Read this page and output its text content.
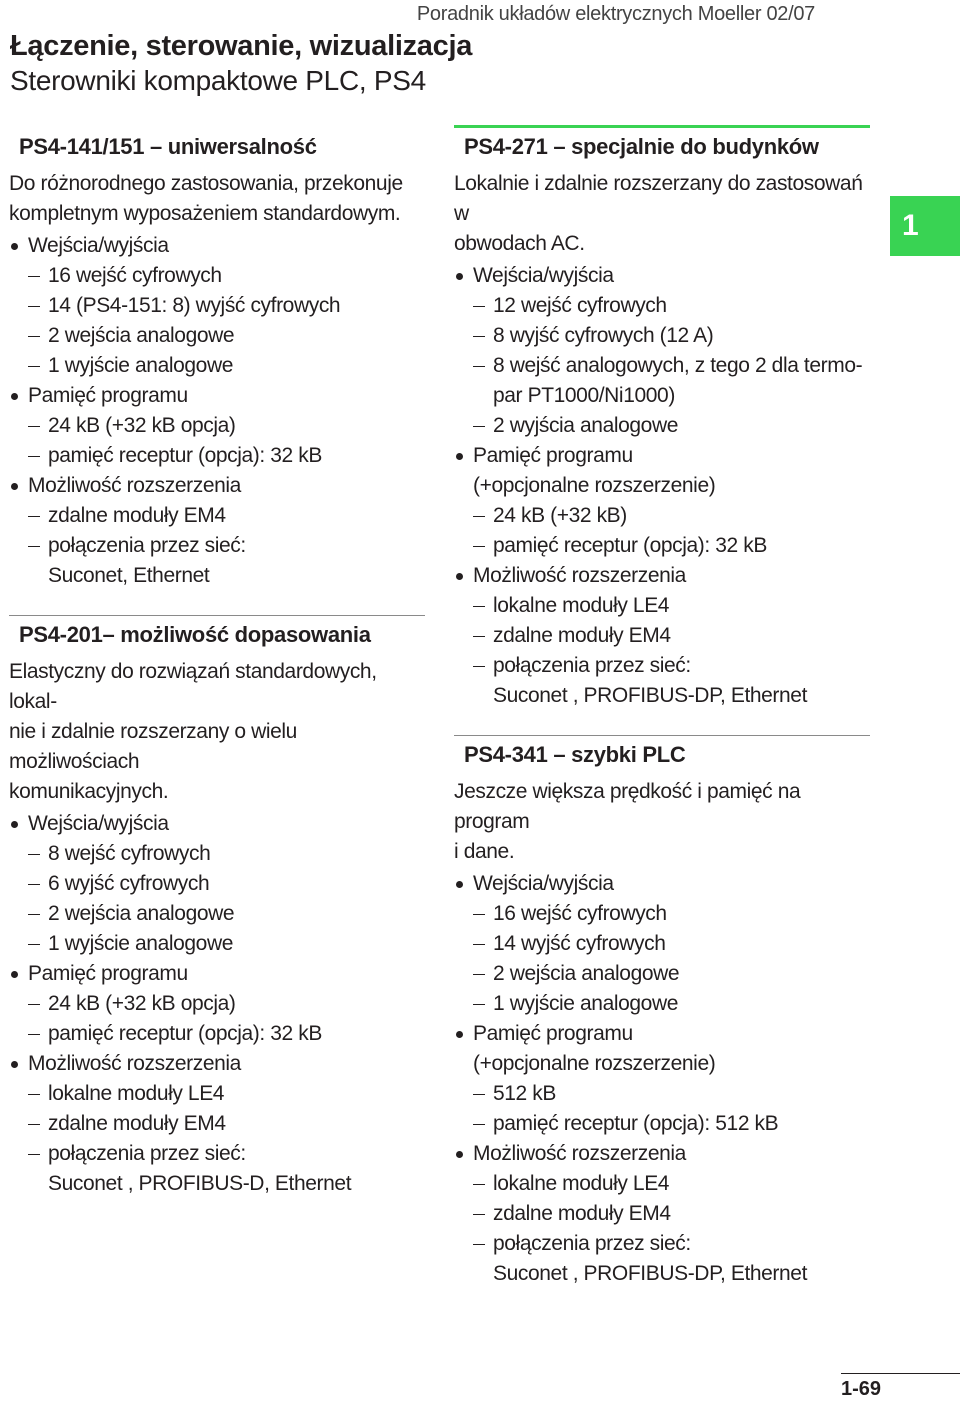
Poradnik układów elektrycznych Moeller 02/07
Łączenie, sterowanie, wizualizacja
Sterowniki kompaktowe PLC, PS4
1
PS4-141/151 – uniwersalność
Do różnorodnego zastosowania, przekonuje
kompletnym wyposażeniem standardowym.
Wejścia/wyjścia
16 wejść cyfrowych
14 (PS4-151: 8) wyjść cyfrowych
2 wejścia analogowe
1 wyjście analogowe
Pamięć programu
24 kB (+32 kB opcja)
pamięć receptur (opcja): 32 kB
Możliwość rozszerzenia
zdalne moduły EM4
połączenia przez sieć:
Suconet, Ethernet
PS4-201– możliwość dopasowania
Elastyczny do rozwiązań standardowych, lokal-
nie i zdalnie rozszerzany o wielu możliwościach
komunikacyjnych.
Wejścia/wyjścia
8 wejść cyfrowych
6 wyjść cyfrowych
2 wejścia analogowe
1 wyjście analogowe
Pamięć programu
24 kB (+32 kB opcja)
pamięć receptur (opcja): 32 kB
Możliwość rozszerzenia
lokalne moduły LE4
zdalne moduły EM4
połączenia przez sieć:
Suconet , PROFIBUS-D, Ethernet
PS4-271 – specjalnie do budynków
Lokalnie i zdalnie rozszerzany do zastosowań w
obwodach AC.
Wejścia/wyjścia
12 wejść cyfrowych
8 wyjść cyfrowych (12 A)
8 wejść analogowych, z tego 2 dla termo-
par PT1000/Ni1000)
2 wyjścia analogowe
Pamięć programu
(+opcjonalne rozszerzenie)
24 kB (+32 kB)
pamięć receptur (opcja): 32 kB
Możliwość rozszerzenia
lokalne moduły LE4
zdalne moduły EM4
połączenia przez sieć:
Suconet , PROFIBUS-DP, Ethernet
PS4-341 – szybki PLC
Jeszcze większa prędkość i pamięć na program
i dane.
Wejścia/wyjścia
16 wejść cyfrowych
14 wyjść cyfrowych
2 wejścia analogowe
1 wyjście analogowe
Pamięć programu
(+opcjonalne rozszerzenie)
512 kB
pamięć receptur (opcja): 512 kB
Możliwość rozszerzenia
lokalne moduły LE4
zdalne moduły EM4
połączenia przez sieć:
Suconet , PROFIBUS-DP, Ethernet
1-69
